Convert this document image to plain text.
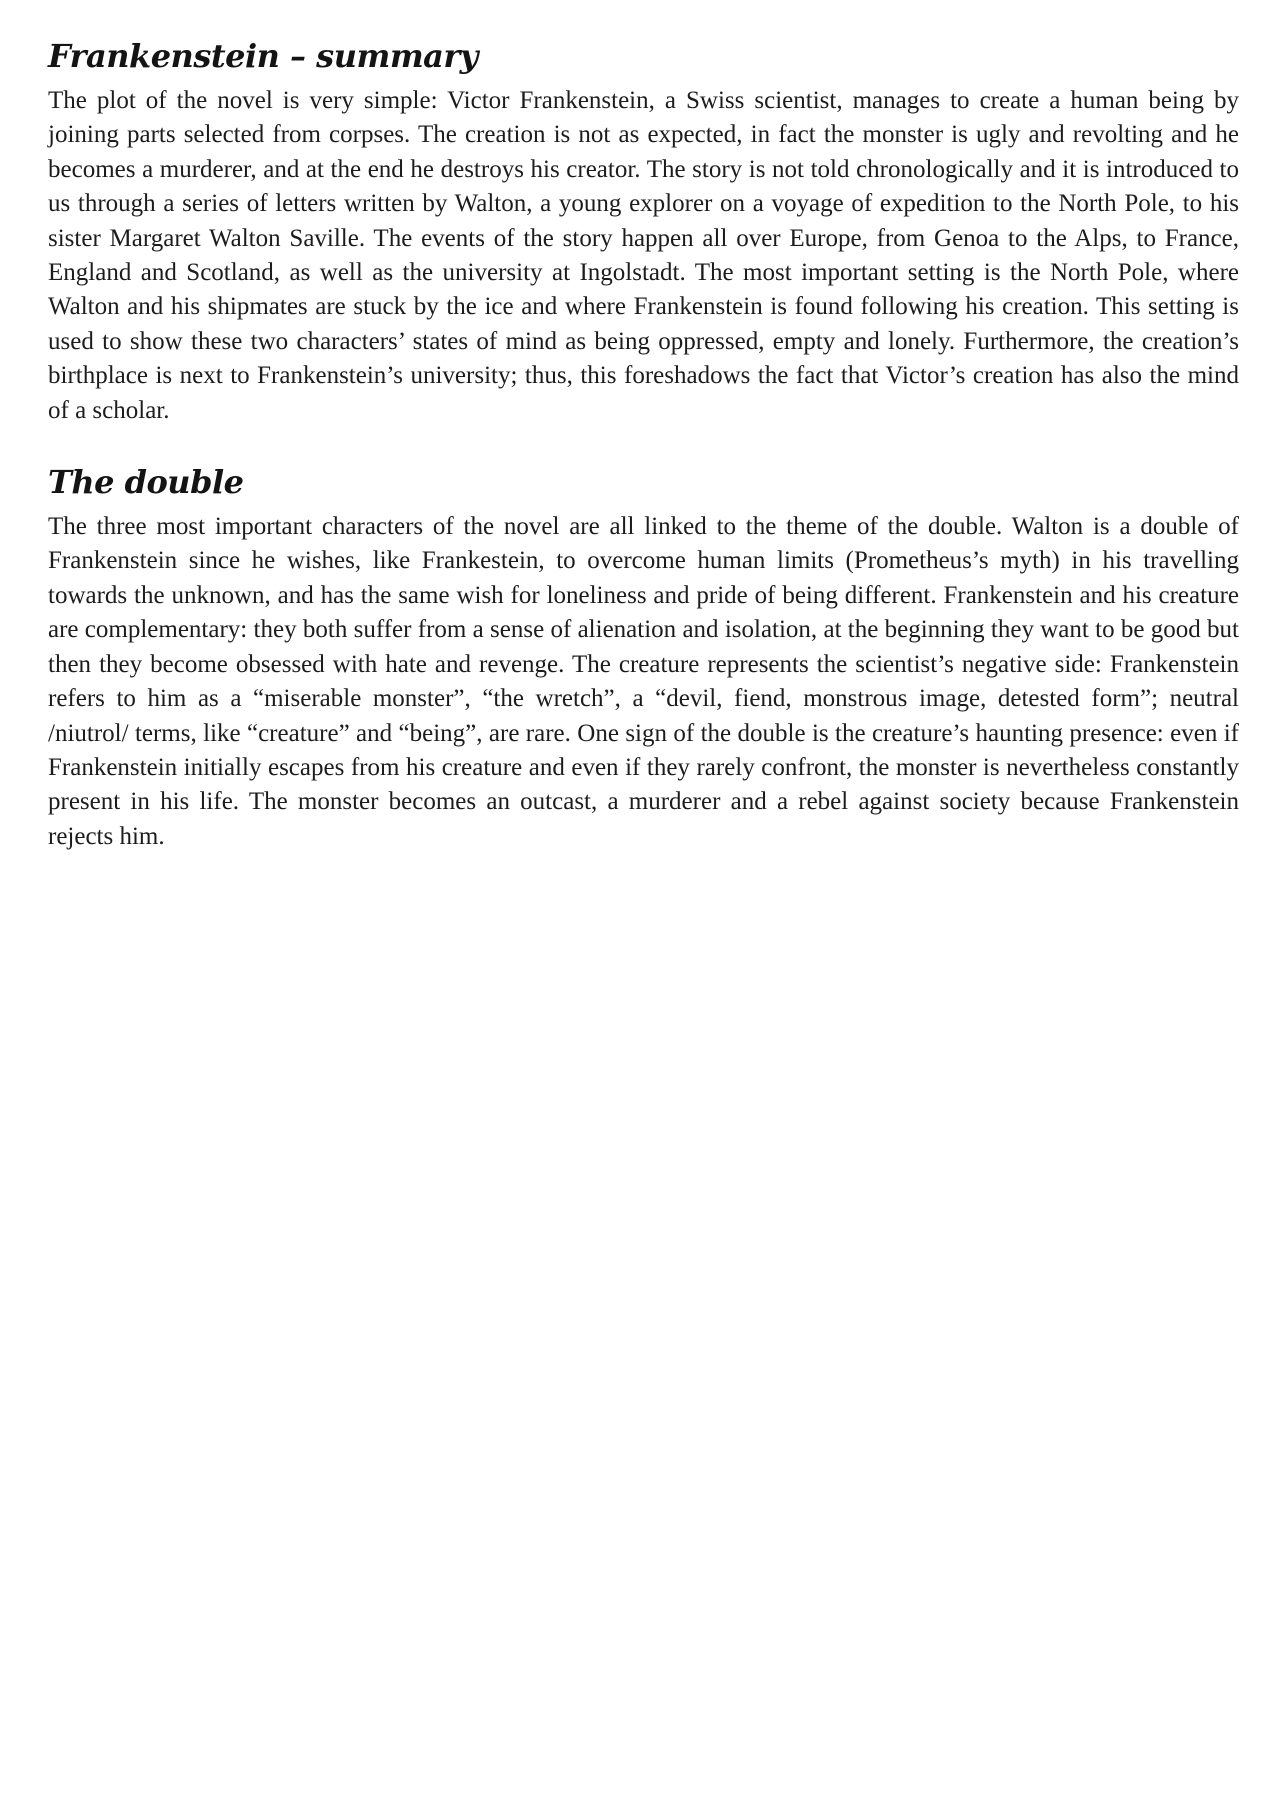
Frankenstein – summary

The plot of the novel is very simple: Victor Frankenstein, a Swiss scientist, manages to create a human being by joining parts selected from corpses. The creation is not as expected, in fact the monster is ugly and revolting and he becomes a murderer, and at the end he destroys his creator. The story is not told chronologically and it is introduced to us through a series of letters written by Walton, a young explorer on a voyage of expedition to the North Pole, to his sister Margaret Walton Saville. The events of the story happen all over Europe, from Genoa to the Alps, to France, England and Scotland, as well as the university at Ingolstadt. The most important setting is the North Pole, where Walton and his shipmates are stuck by the ice and where Frankenstein is found following his creation. This setting is used to show these two characters’ states of mind as being oppressed, empty and lonely. Furthermore, the creation’s birthplace is next to Frankenstein’s university; thus, this foreshadows the fact that Victor’s creation has also the mind of a scholar.

The double

The three most important characters of the novel are all linked to the theme of the double. Walton is a double of Frankenstein since he wishes, like Frankestein, to overcome human limits (Prometheus’s myth) in his travelling towards the unknown, and has the same wish for loneliness and pride of being different. Frankenstein and his creature are complementary: they both suffer from a sense of alienation and isolation, at the beginning they want to be good but then they become obsessed with hate and revenge. The creature represents the scientist’s negative side: Frankenstein refers to him as a “miserable monster”, “the wretch”, a “devil, fiend, monstrous image, detested form”; neutral /niutrol/ terms, like “creature” and “being”, are rare. One sign of the double is the creature’s haunting presence: even if Frankenstein initially escapes from his creature and even if they rarely confront, the monster is nevertheless constantly present in his life. The monster becomes an outcast, a murderer and a rebel against society because Frankenstein rejects him.
